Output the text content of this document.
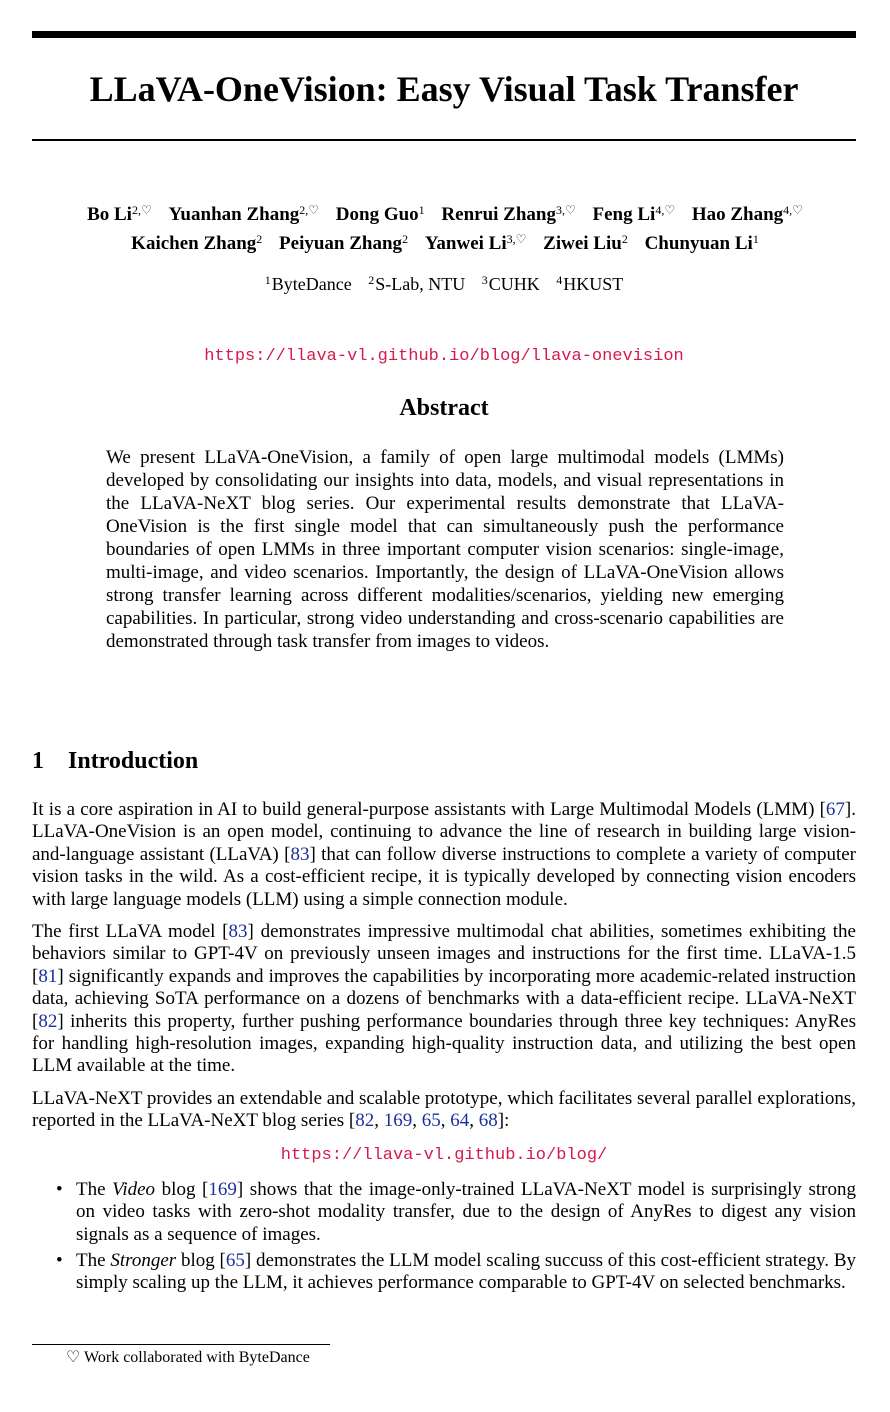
LLaVA-OneVision: Easy Visual Task Transfer
Bo $Li^{2,♡}$ Yuanhan Zhang$^{2,♡}$ Dong Guo$^1$ Renrui Zhang$^{3,♡}$ Feng $Li^{4,♡}$ Hao Zhang$^{4,♡}$
Kaichen Zhang$^2$ Peiyuan Zhang$^2$ Yanwei $Li^{3,♡}$ Ziwei Liu$^2$ Chunyuan Li$^1$
$^1$ByteDance $^2$S-Lab, NTU $^3$CUHK $^4$HKUST
https://llava-vl.github.io/blog/llava-onevision
Abstract
We present LLaVA-OneVision, a family of open large multimodal models (LMMs) developed by consolidating our insights into data, models, and visual representations in the LLaVA-NeXT blog series. Our experimental results demonstrate that LLaVA-OneVision is the first single model that can simultaneously push the performance boundaries of open LMMs in three important computer vision scenarios: single-image, multi-image, and video scenarios. Importantly, the design of LLaVA-OneVision allows strong transfer learning across different modalities/scenarios, yielding new emerging capabilities. In particular, strong video understanding and cross-scenario capabilities are demonstrated through task transfer from images to videos.
1 Introduction

It is a core aspiration in AI to build general-purpose assistants with Large Multimodal Models (LMM) [67]. LLaVA-OneVision is an open model, continuing to advance the line of research in building large vision-and-language assistant (LLaVA) [83] that can follow diverse instructions to complete a variety of computer vision tasks in the wild. As a cost-efficient recipe, it is typically developed by connecting vision encoders with large language models (LLM) using a simple connection module.

The first LLaVA model [83] demonstrates impressive multimodal chat abilities, sometimes exhibiting the behaviors similar to GPT-4V on previously unseen images and instructions for the first time. LLaVA-1.5 [81] significantly expands and improves the capabilities by incorporating more academic-related instruction data, achieving SoTA performance on a dozens of benchmarks with a data-efficient recipe. LLaVA-NeXT [82] inherits this property, further pushing performance boundaries through three key techniques: AnyRes for handling high-resolution images, expanding high-quality instruction data, and utilizing the best open LLM available at the time.

LLaVA-NeXT provides an extendable and scalable prototype, which facilitates several parallel explorations, reported in the LLaVA-NeXT blog series [82, 169, 65, 64, 68]:

https://llava-vl.github.io/blog/
• The Video blog [169] shows that the image-only-trained LLaVA-NeXT model is surprisingly strong on video tasks with zero-shot modality transfer, due to the design of AnyRes to digest any vision signals as a sequence of images.
• The Stronger blog [65] demonstrates the LLM model scaling succuss of this cost-efficient strategy. By simply scaling up the LLM, it achieves performance comparable to GPT-4V on selected benchmarks.
♡ Work collaborated with ByteDance
